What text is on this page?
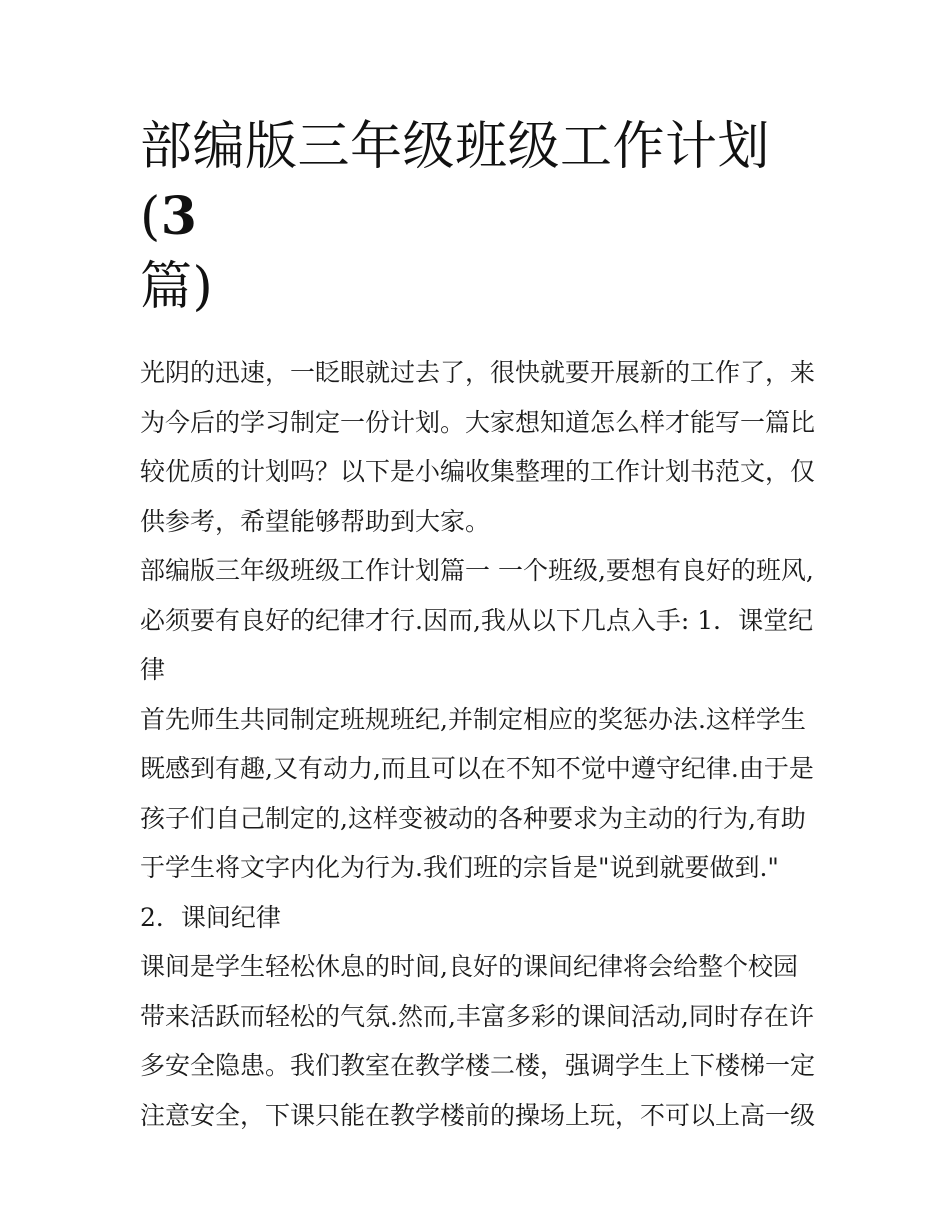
部编版三年级班级工作计划(3
篇)

光阴的迅速，一眨眼就过去了，很快就要开展新的工作了，来为今后的学习制定一份计划。大家想知道怎么样才能写一篇比较优质的计划吗？以下是小编收集整理的工作计划书范文，仅供参考，希望能够帮助到大家。

部编版三年级班级工作计划篇一 一个班级,要想有良好的班风,必须要有良好的纪律才行.因而,我从以下几点入手: 1．课堂纪律

首先师生共同制定班规班纪,并制定相应的奖惩办法.这样学生既感到有趣,又有动力,而且可以在不知不觉中遵守纪律.由于是孩子们自己制定的,这样变被动的各种要求为主动的行为,有助于学生将文字内化为行为.我们班的宗旨是"说到就要做到."

2．课间纪律

课间是学生轻松休息的时间,良好的课间纪律将会给整个校园带来活跃而轻松的气氛.然而,丰富多彩的课间活动,同时存在许多安全隐患。我们教室在教学楼二楼，强调学生上下楼梯一定注意安全，下课只能在教学楼前的操场上玩，不可以上高一级
